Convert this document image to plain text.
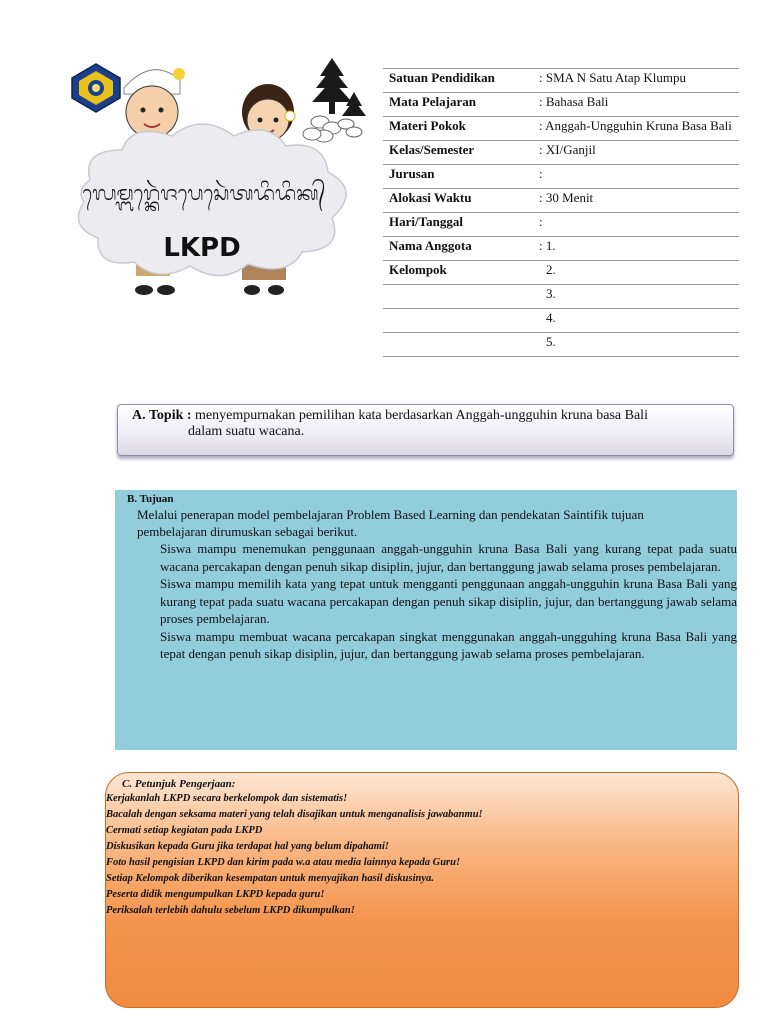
ᬮᬾᬫ᭄ᬩᬭ᭄ᬓᬾᬃᬚᬧᬾᬲᬾᬃᬢᬤᬶᬤᬶᬓ᭄
LKPD
Satuan Pendidikan	: SMA N Satu Atap Klumpu
Mata Pelajaran	: Bahasa Bali
Materi Pokok	: Anggah-Ungguhin Kruna Basa Bali
Kelas/Semester	: XI/Ganjil
Jurusan	:
Alokasi Waktu	: 30 Menit
Hari/Tanggal	:
Nama Anggota	: 1.
Kelompok	2.
	3.
	4.
	5.
A. Topik : menyempurnakan pemilihan kata berdasarkan Anggah-ungguhin kruna basa Bali
dalam suatu wacana.
B. Tujuan
Melalui penerapan model pembelajaran Problem Based Learning dan pendekatan Saintifik tujuan pembelajaran dirumuskan sebagai berikut.
Siswa mampu menemukan penggunaan anggah-ungguhin kruna Basa Bali yang kurang tepat pada suatu wacana percakapan dengan penuh sikap disiplin, jujur, dan bertanggung jawab selama proses pembelajaran.
Siswa mampu memilih kata yang tepat untuk mengganti penggunaan anggah-ungguhin kruna Basa Bali yang kurang tepat pada suatu wacana percakapan dengan penuh sikap disiplin, jujur, dan bertanggung jawab selama proses pembelajaran.
Siswa mampu membuat wacana percakapan singkat menggunakan anggah-ungguhing kruna Basa Bali yang tepat dengan penuh sikap disiplin, jujur, dan bertanggung jawab selama proses pembelajaran.
C. Petunjuk Pengerjaan:
Kerjakanlah LKPD secara berkelompok dan sistematis!
Bacalah dengan seksama materi yang telah disajikan untuk menganalisis jawabanmu!
Cermati setiap kegiatan pada LKPD
Diskusikan kepada Guru jika terdapat hal yang belum dipahami!
Foto hasil pengisian LKPD dan kirim pada w.a atau media lainnya kepada Guru!
Setiap Kelompok diberikan kesempatan untuk menyajikan hasil diskusinya.
Peserta didik mengumpulkan LKPD kepada guru!
Periksalah terlebih dahulu sebelum LKPD dikumpulkan!
